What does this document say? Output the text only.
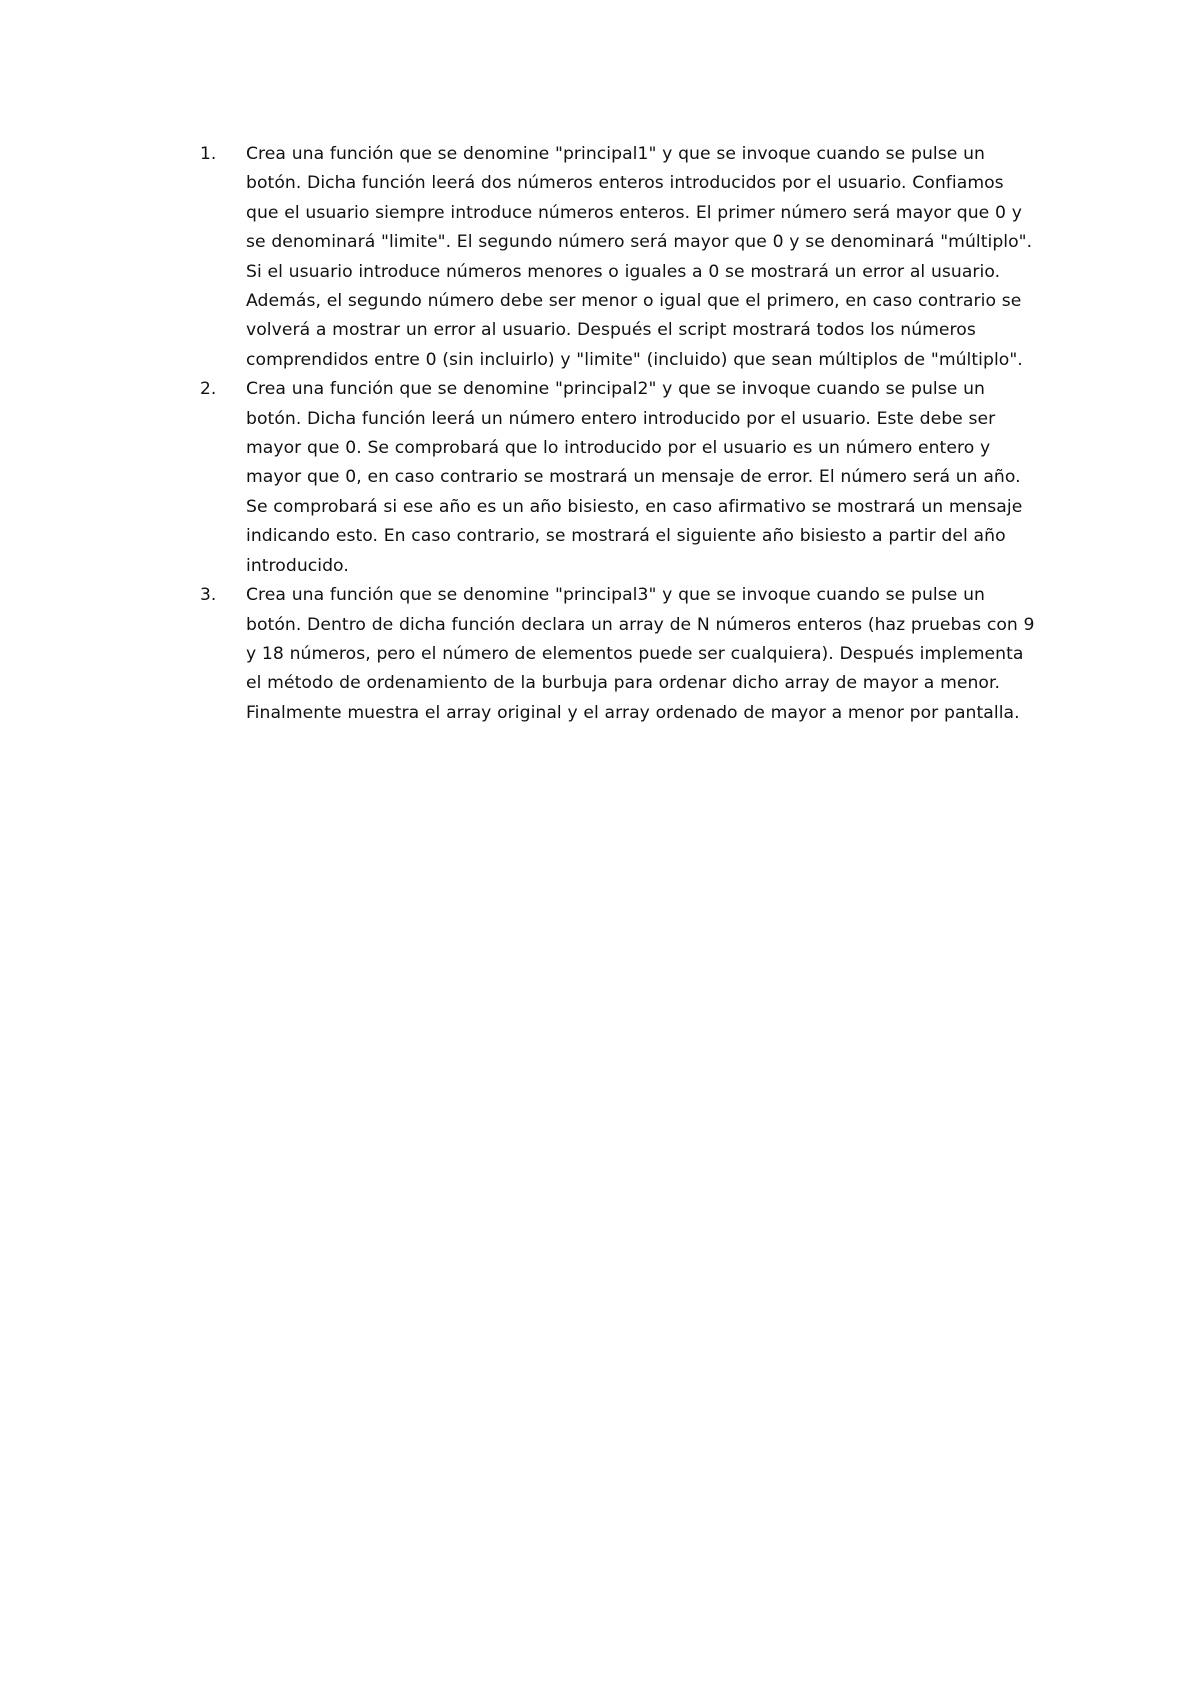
1.	Crea una función que se denomine "principal1" y que se invoque cuando se pulse un botón. Dicha función leerá dos números enteros introducidos por el usuario. Confiamos que el usuario siempre introduce números enteros. El primer número será mayor que 0 y se denominará "limite". El segundo número será mayor que 0 y se denominará "múltiplo". Si el usuario introduce números menores o iguales a 0 se mostrará un error al usuario. Además, el segundo número debe ser menor o igual que el primero, en caso contrario se volverá a mostrar un error al usuario. Después el script mostrará todos los números comprendidos entre 0 (sin incluirlo) y "limite" (incluido) que sean múltiplos de "múltiplo".
2.	Crea una función que se denomine "principal2" y que se invoque cuando se pulse un botón. Dicha función leerá un número entero introducido por el usuario. Este debe ser mayor que 0. Se comprobará que lo introducido por el usuario es un número entero y mayor que 0, en caso contrario se mostrará un mensaje de error. El número será un año. Se comprobará si ese año es un año bisiesto, en caso afirmativo se mostrará un mensaje indicando esto. En caso contrario, se mostrará el siguiente año bisiesto a partir del año introducido.
3.	Crea una función que se denomine "principal3" y que se invoque cuando se pulse un botón. Dentro de dicha función declara un array de N números enteros (haz pruebas con 9 y 18 números, pero el número de elementos puede ser cualquiera). Después implementa el método de ordenamiento de la burbuja para ordenar dicho array de mayor a menor. Finalmente muestra el array original y el array ordenado de mayor a menor por pantalla.
